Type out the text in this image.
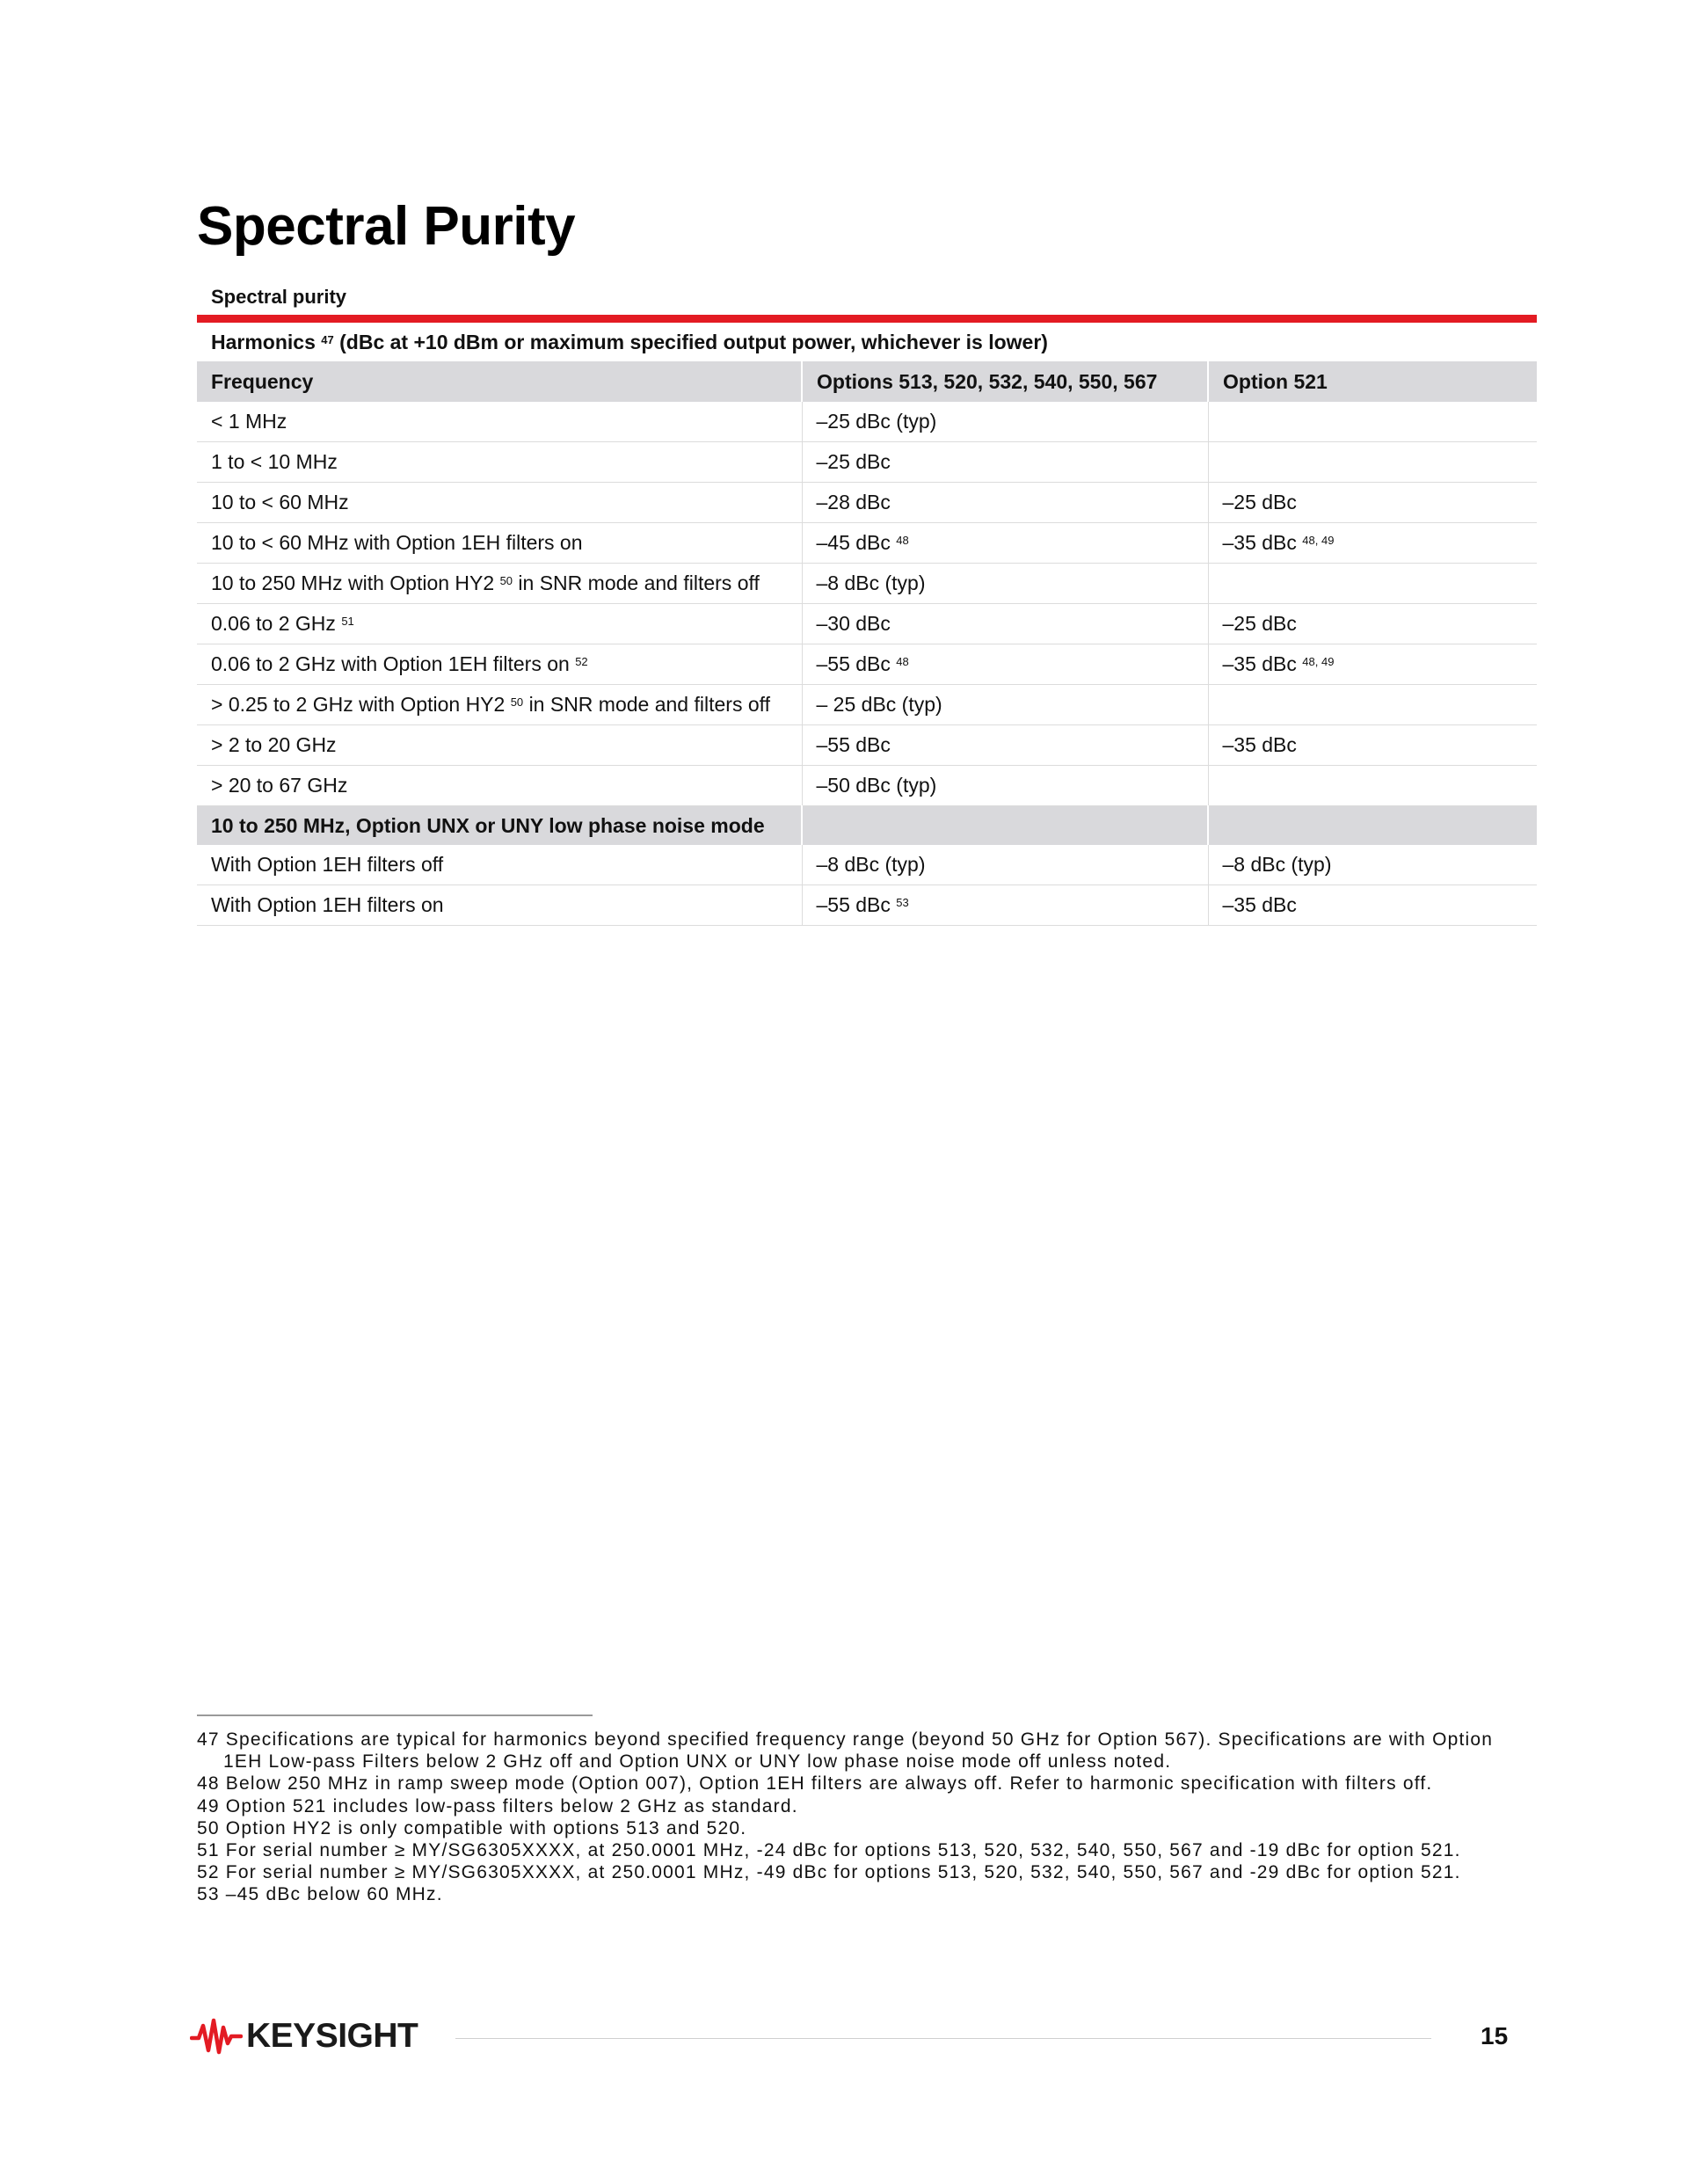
Spectral Purity
Spectral purity		

Harmonics $^{47}$ (dBc at +10 dBm or maximum specified output power, whichever is lower)		
Frequency	Options 513, 520, 532, 540, 550, 567	Option 521
< 1 MHz	–25 dBc (typ)	
1 to < 10 MHz	–25 dBc	
10 to < 60 MHz	–28 dBc	–25 dBc
10 to < 60 MHz with Option 1EH filters on	–45 dBc $^{48}$	–35 dBc $^{48, 49}$
10 to 250 MHz with Option HY2 $^{50}$ in SNR mode and filters off	–8 dBc (typ)	
0.06 to 2 GHz $^{51}$	–30 dBc	–25 dBc
0.06 to 2 GHz with Option 1EH filters on $^{52}$	–55 dBc $^{48}$	–35 dBc $^{48, 49}$
> 0.25 to 2 GHz with Option HY2 $^{50}$ in SNR mode and filters off	– 25 dBc (typ)	
> 2 to 20 GHz	–55 dBc	–35 dBc
> 20 to 67 GHz	–50 dBc (typ)	
10 to 250 MHz, Option UNX or UNY low phase noise mode		
With Option 1EH filters off	–8 dBc (typ)	–8 dBc (typ)
With Option 1EH filters on	–55 dBc $^{53}$	–35 dBc
47 Specifications are typical for harmonics beyond specified frequency range (beyond 50 GHz for Option 567). Specifications are with Option 1EH Low-pass Filters below 2 GHz off and Option UNX or UNY low phase noise mode off unless noted.
48 Below 250 MHz in ramp sweep mode (Option 007), Option 1EH filters are always off. Refer to harmonic specification with filters off.
49 Option 521 includes low-pass filters below 2 GHz as standard.
50 Option HY2 is only compatible with options 513 and 520.
51 For serial number ≥ MY/SG6305XXXX, at 250.0001 MHz, -24 dBc for options 513, 520, 532, 540, 550, 567 and -19 dBc for option 521.
52 For serial number ≥ MY/SG6305XXXX, at 250.0001 MHz, -49 dBc for options 513, 520, 532, 540, 550, 567 and -29 dBc for option 521.
53 –45 dBc below 60 MHz.
KEYSIGHT	15
